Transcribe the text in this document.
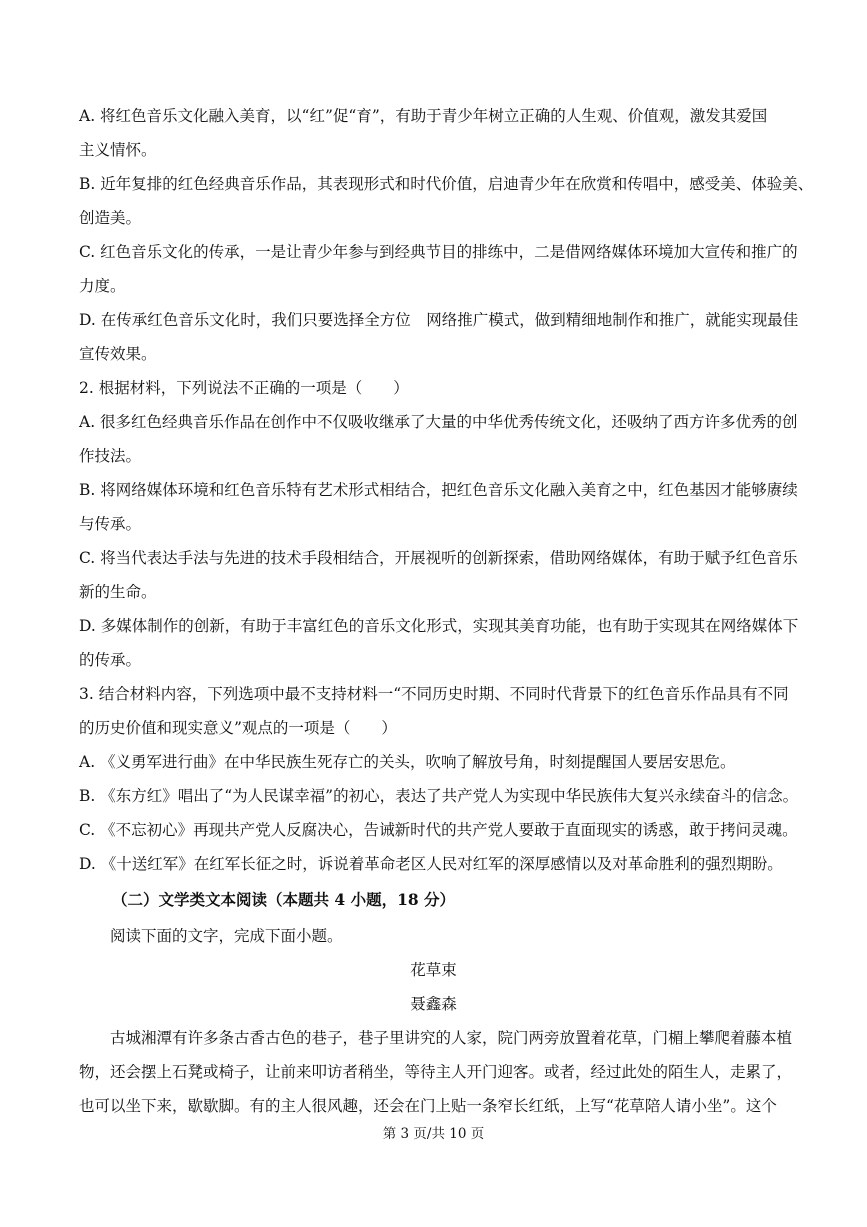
A. 将红色音乐文化融入美育，以“红”促“育”，有助于青少年树立正确的人生观、价值观，激发其爱国
主义情怀。
B. 近年复排的红色经典音乐作品，其表现形式和时代价值，启迪青少年在欣赏和传唱中，感受美、体验美、
创造美。
C. 红色音乐文化的传承，一是让青少年参与到经典节目的排练中，二是借网络媒体环境加大宣传和推广的
力度。
D. 在传承红色音乐文化时，我们只要选择全方位　网络推广模式，做到精细地制作和推广，就能实现最佳
宣传效果。
2. 根据材料，下列说法不正确的一项是（　　）
A. 很多红色经典音乐作品在创作中不仅吸收继承了大量的中华优秀传统文化，还吸纳了西方许多优秀的创
作技法。
B. 将网络媒体环境和红色音乐特有艺术形式相结合，把红色音乐文化融入美育之中，红色基因才能够赓续
与传承。
C. 将当代表达手法与先进的技术手段相结合，开展视听的创新探索，借助网络媒体，有助于赋予红色音乐
新的生命。
D. 多媒体制作的创新，有助于丰富红色的音乐文化形式，实现其美育功能，也有助于实现其在网络媒体下
的传承。
3. 结合材料内容，下列选项中最不支持材料一“不同历史时期、不同时代背景下的红色音乐作品具有不同
的历史价值和现实意义”观点的一项是（　　）
A. 《义勇军进行曲》在中华民族生死存亡的关头，吹响了解放号角，时刻提醒国人要居安思危。
B. 《东方红》唱出了“为人民谋幸福”的初心，表达了共产党人为实现中华民族伟大复兴永续奋斗的信念。
C. 《不忘初心》再现共产党人反腐决心，告诫新时代的共产党人要敢于直面现实的诱惑，敢于拷问灵魂。
D. 《十送红军》在红军长征之时，诉说着革命老区人民对红军的深厚感情以及对革命胜利的强烈期盼。
（二）文学类文本阅读（本题共 4 小题，18 分）
阅读下面的文字，完成下面小题。
花草束
聂鑫森
古城湘潭有许多条古香古色的巷子，巷子里讲究的人家，院门两旁放置着花草，门楣上攀爬着藤本植
物，还会摆上石凳或椅子，让前来叩访者稍坐，等待主人开门迎客。或者，经过此处的陌生人，走累了，
也可以坐下来，歇歇脚。有的主人很风趣，还会在门上贴一条窄长红纸，上写“花草陪人请小坐”。这个
第 3 页/共 10 页
